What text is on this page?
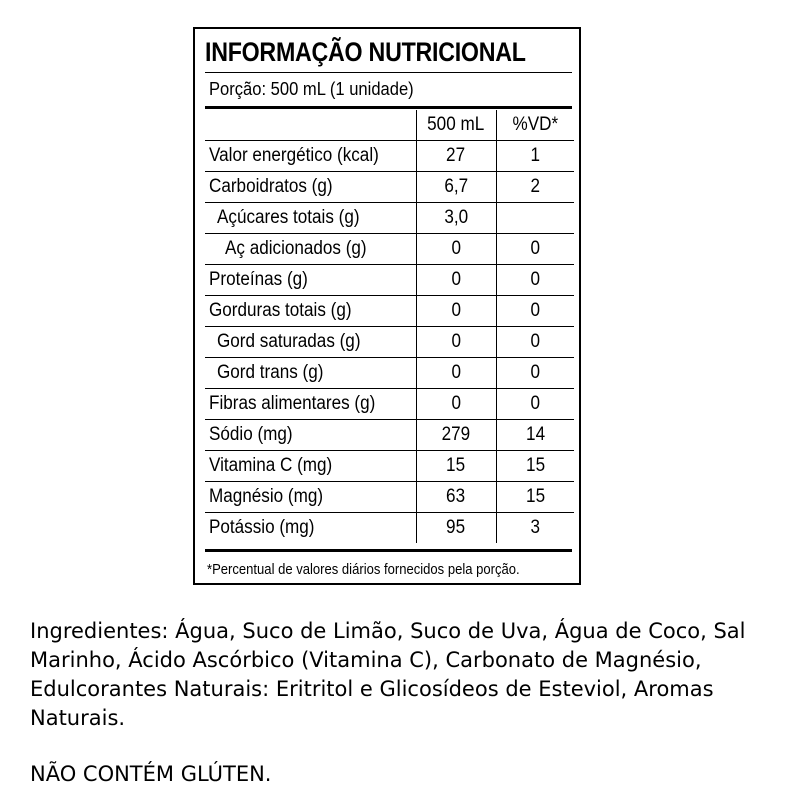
INFORMAÇÃO NUTRICIONAL
Porção: 500 mL (1 unidade)
	500 mL	%VD*
Valor energético (kcal)	27	1
Carboidratos (g)	6,7	2
Açúcares totais (g)	3,0	
Aç adicionados (g)	0	0
Proteínas (g)	0	0
Gorduras totais (g)	0	0
Gord saturadas (g)	0	0
Gord trans (g)	0	0
Fibras alimentares (g)	0	0
Sódio (mg)	279	14
Vitamina C (mg)	15	15
Magnésio (mg)	63	15
Potássio (mg)	95	3
*Percentual de valores diários fornecidos pela porção.
Ingredientes: Água, Suco de Limão, Suco de Uva, Água de Coco, Sal Marinho, Ácido Ascórbico (Vitamina C), Carbonato de Magnésio, Edulcorantes Naturais: Eritritol e Glicosídeos de Esteviol, Aromas Naturais.
NÃO CONTÉM GLÚTEN.
